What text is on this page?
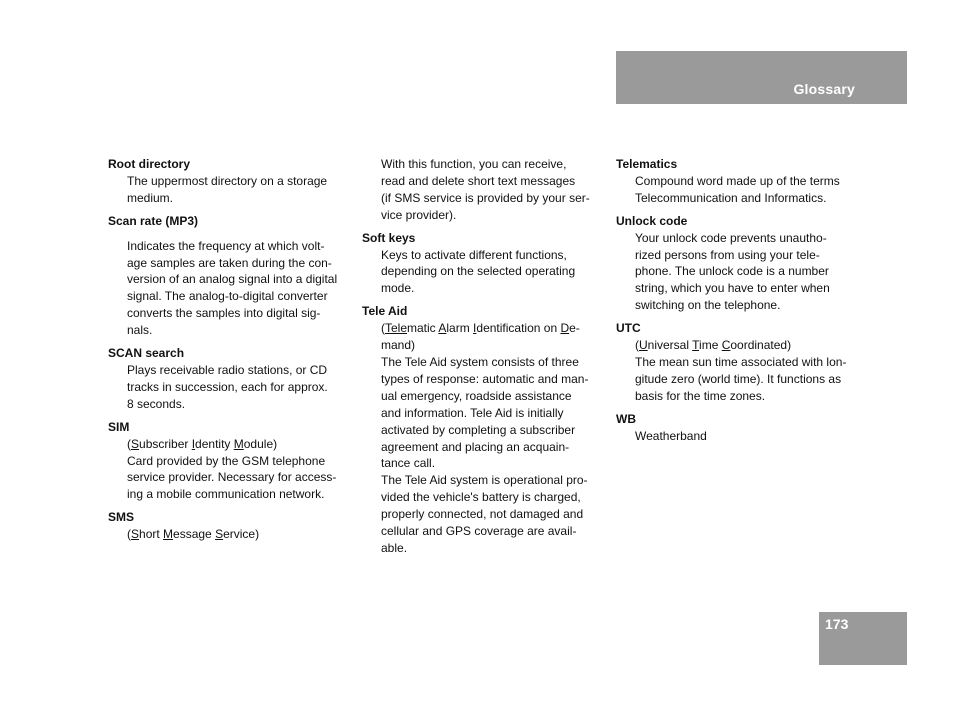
Glossary
Root directory

The uppermost directory on a storage

medium.

Scan rate (MP3)

Indicates the frequency at which volt-

age samples are taken during the con-

version of an analog signal into a digital

signal. The analog-to-digital converter

converts the samples into digital sig-

nals.

SCAN search

Plays receivable radio stations, or CD

tracks in succession, each for approx.

8 seconds.

SIM

(Subscriber Identity Module)

Card provided by the GSM telephone

service provider. Necessary for access-

ing a mobile communication network.

SMS

(Short Message Service)

With this function, you can receive,

read and delete short text messages

(if SMS service is provided by your ser-

vice provider).

Soft keys

Keys to activate different functions,

depending on the selected operating

mode.

Tele Aid

(Telematic Alarm Identification on De-

mand)

The Tele Aid system consists of three

types of response: automatic and man-

ual emergency, roadside assistance

and information. Tele Aid is initially

activated by completing a subscriber

agreement and placing an acquain-

tance call.

The Tele Aid system is operational pro-

vided the vehicle's battery is charged,

properly connected, not damaged and

cellular and GPS coverage are avail-

able.

Telematics

Compound word made up of the terms

Telecommunication and Informatics.

Unlock code

Your unlock code prevents unautho-

rized persons from using your tele-

phone. The unlock code is a number

string, which you have to enter when

switching on the telephone.

UTC

(Universal Time Coordinated)

The mean sun time associated with lon-

gitude zero (world time). It functions as

basis for the time zones.

WB

Weatherband

173
